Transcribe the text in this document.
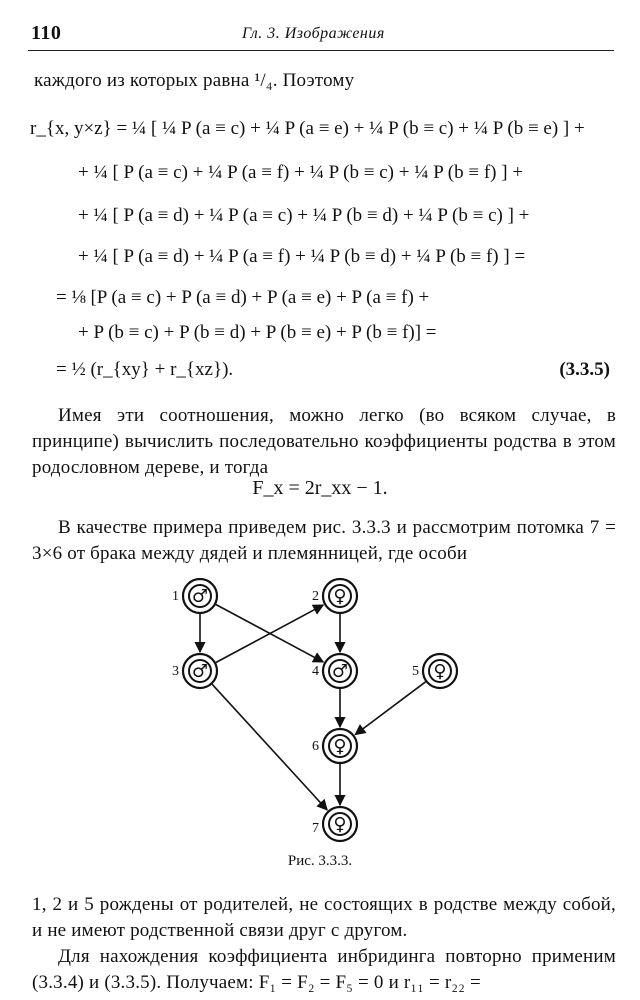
110	Гл. 3. Изображения
каждого из которых равна ¹/₄. Поэтому
r_{x, y×z} = ¼ [ ¼ P (a ≡ c) + ¼ P (a ≡ e) + ¼ P (b ≡ c) + ¼ P (b ≡ e) ] +
+ ¼ [ P (a ≡ c) + ¼ P (a ≡ f) + ¼ P (b ≡ c) + ¼ P (b ≡ f) ] +
+ ¼ [ P (a ≡ d) + ¼ P (a ≡ c) + ¼ P (b ≡ d) + ¼ P (b ≡ c) ] +
+ ¼ [ P (a ≡ d) + ¼ P (a ≡ f) + ¼ P (b ≡ d) + ¼ P (b ≡ f) ] =
= ⅛ [P (a ≡ c) + P (a ≡ d) + P (a ≡ e) + P (a ≡ f) +
+ P (b ≡ c) + P (b ≡ d) + P (b ≡ e) + P (b ≡ f)] =
= ½ (r_{xy} + r_{xz}).	(3.3.5)
Имея эти соотношения, можно легко (во всяком случае, в принципе) вычислить последовательно коэффициенты родства в этом родословном дереве, и тогда
F_x = 2r_xx − 1.
В качестве примера приведем рис. 3.3.3 и рассмотрим потомка 7 = 3×6 от брака между дядей и племянницей, где особи
♂
1	♀
2
♂
3	♂
4	♀
5
♀
6
♀
7
Рис. 3.3.3.
1, 2 и 5 рождены от родителей, не состоящих в родстве между собой, и не имеют родственной связи друг с другом.
Для нахождения коэффициента инбридинга повторно применим (3.3.4) и (3.3.5). Получаем: F₁ = F₂ = F₅ = 0 и r₁₁ = r₂₂ =
